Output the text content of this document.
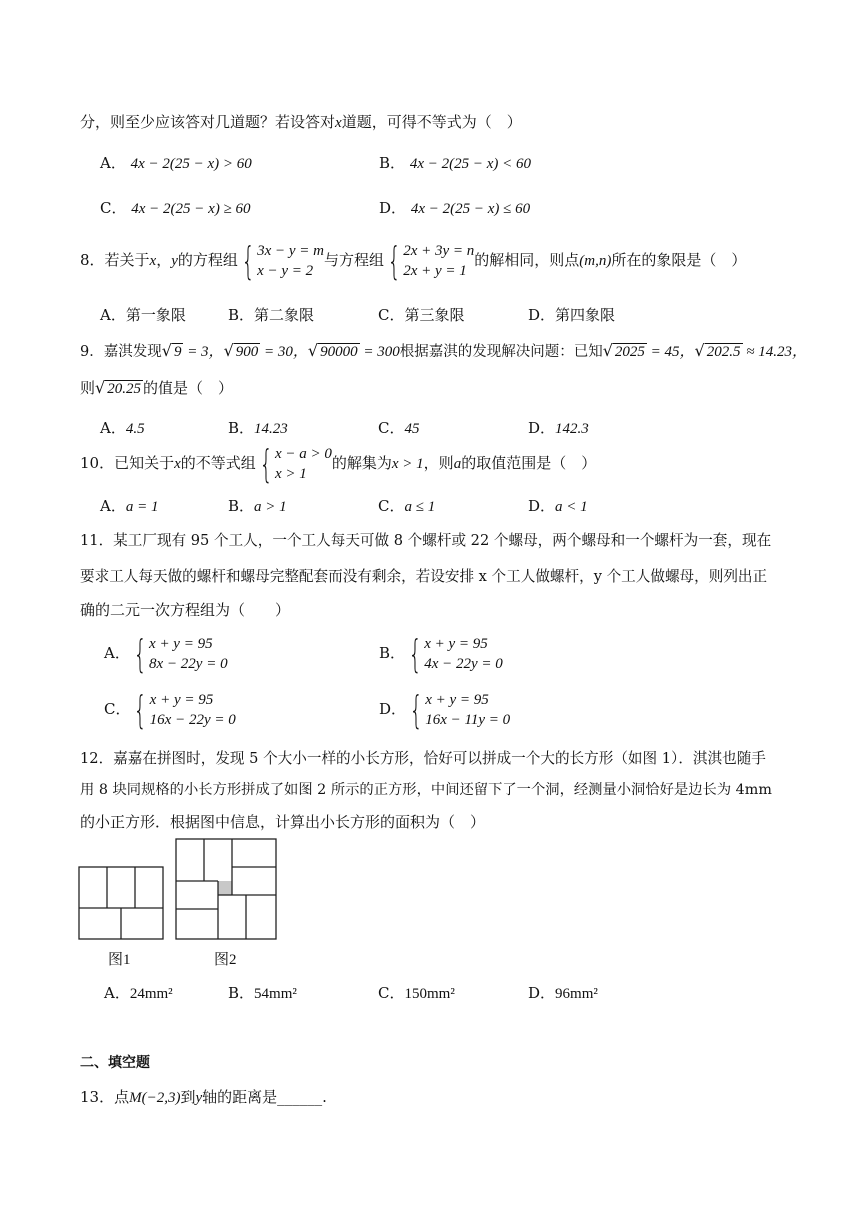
分，则至少应该答对几道题？若设答对x道题，可得不等式为（　）
A． 4x − 2(25 − x) > 60	B． 4x − 2(25 − x) < 60
C． 4x − 2(25 − x) ≥ 60	D． 4x − 2(25 − x) ≤ 60
8．若关于x，y的方程组{ 3x − y = m
x − y = 2与方程组{ 2x + 3y = n
2x + y = 1的解相同，则点(m,n)所在的象限是（　）
A．第一象限	B．第二象限	C．第三象限	D．第四象限
9．嘉淇发现√ 9 = 3，√ 900 = 30，√ 90000 = 300根据嘉淇的发现解决问题：已知√ 2025 = 45，√ 202.5 ≈ 14.23，
则√ 20.25 的值是（　）
A．4.5	B．14.23	C．45	D．142.3
10．已知关于x的不等式组{ x − a > 0
x > 1的解集为x > 1，则a的取值范围是（　）
A．a = 1	B．a > 1	C．a ≤ 1	D．a < 1
11．某工厂现有 95 个工人，一个工人每天可做 8 个螺杆或 22 个螺母，两个螺母和一个螺杆为一套，现在
要求工人每天做的螺杆和螺母完整配套而没有剩余，若设安排 x 个工人做螺杆，y 个工人做螺母，则列出正
确的二元一次方程组为（　　）
A．{ x + y = 95
8x − 22y = 0
B．{ x + y = 95
4x − 22y = 0
C．{ x + y = 95
16x − 22y = 0
D．{ x + y = 95
16x − 11y = 0
12．嘉嘉在拼图时，发现 5 个大小一样的小长方形，恰好可以拼成一个大的长方形（如图 1）．淇淇也随手
用 8 块同规格的小长方形拼成了如图 2 所示的正方形，中间还留下了一个洞，经测量小洞恰好是边长为 4mm
的小正方形．根据图中信息，计算出小长方形的面积为（　）
图1	图2
A．24mm²	B．54mm²	C．150mm²	D．96mm²
二、填空题
13．点M(−2,3)到y轴的距离是______.
